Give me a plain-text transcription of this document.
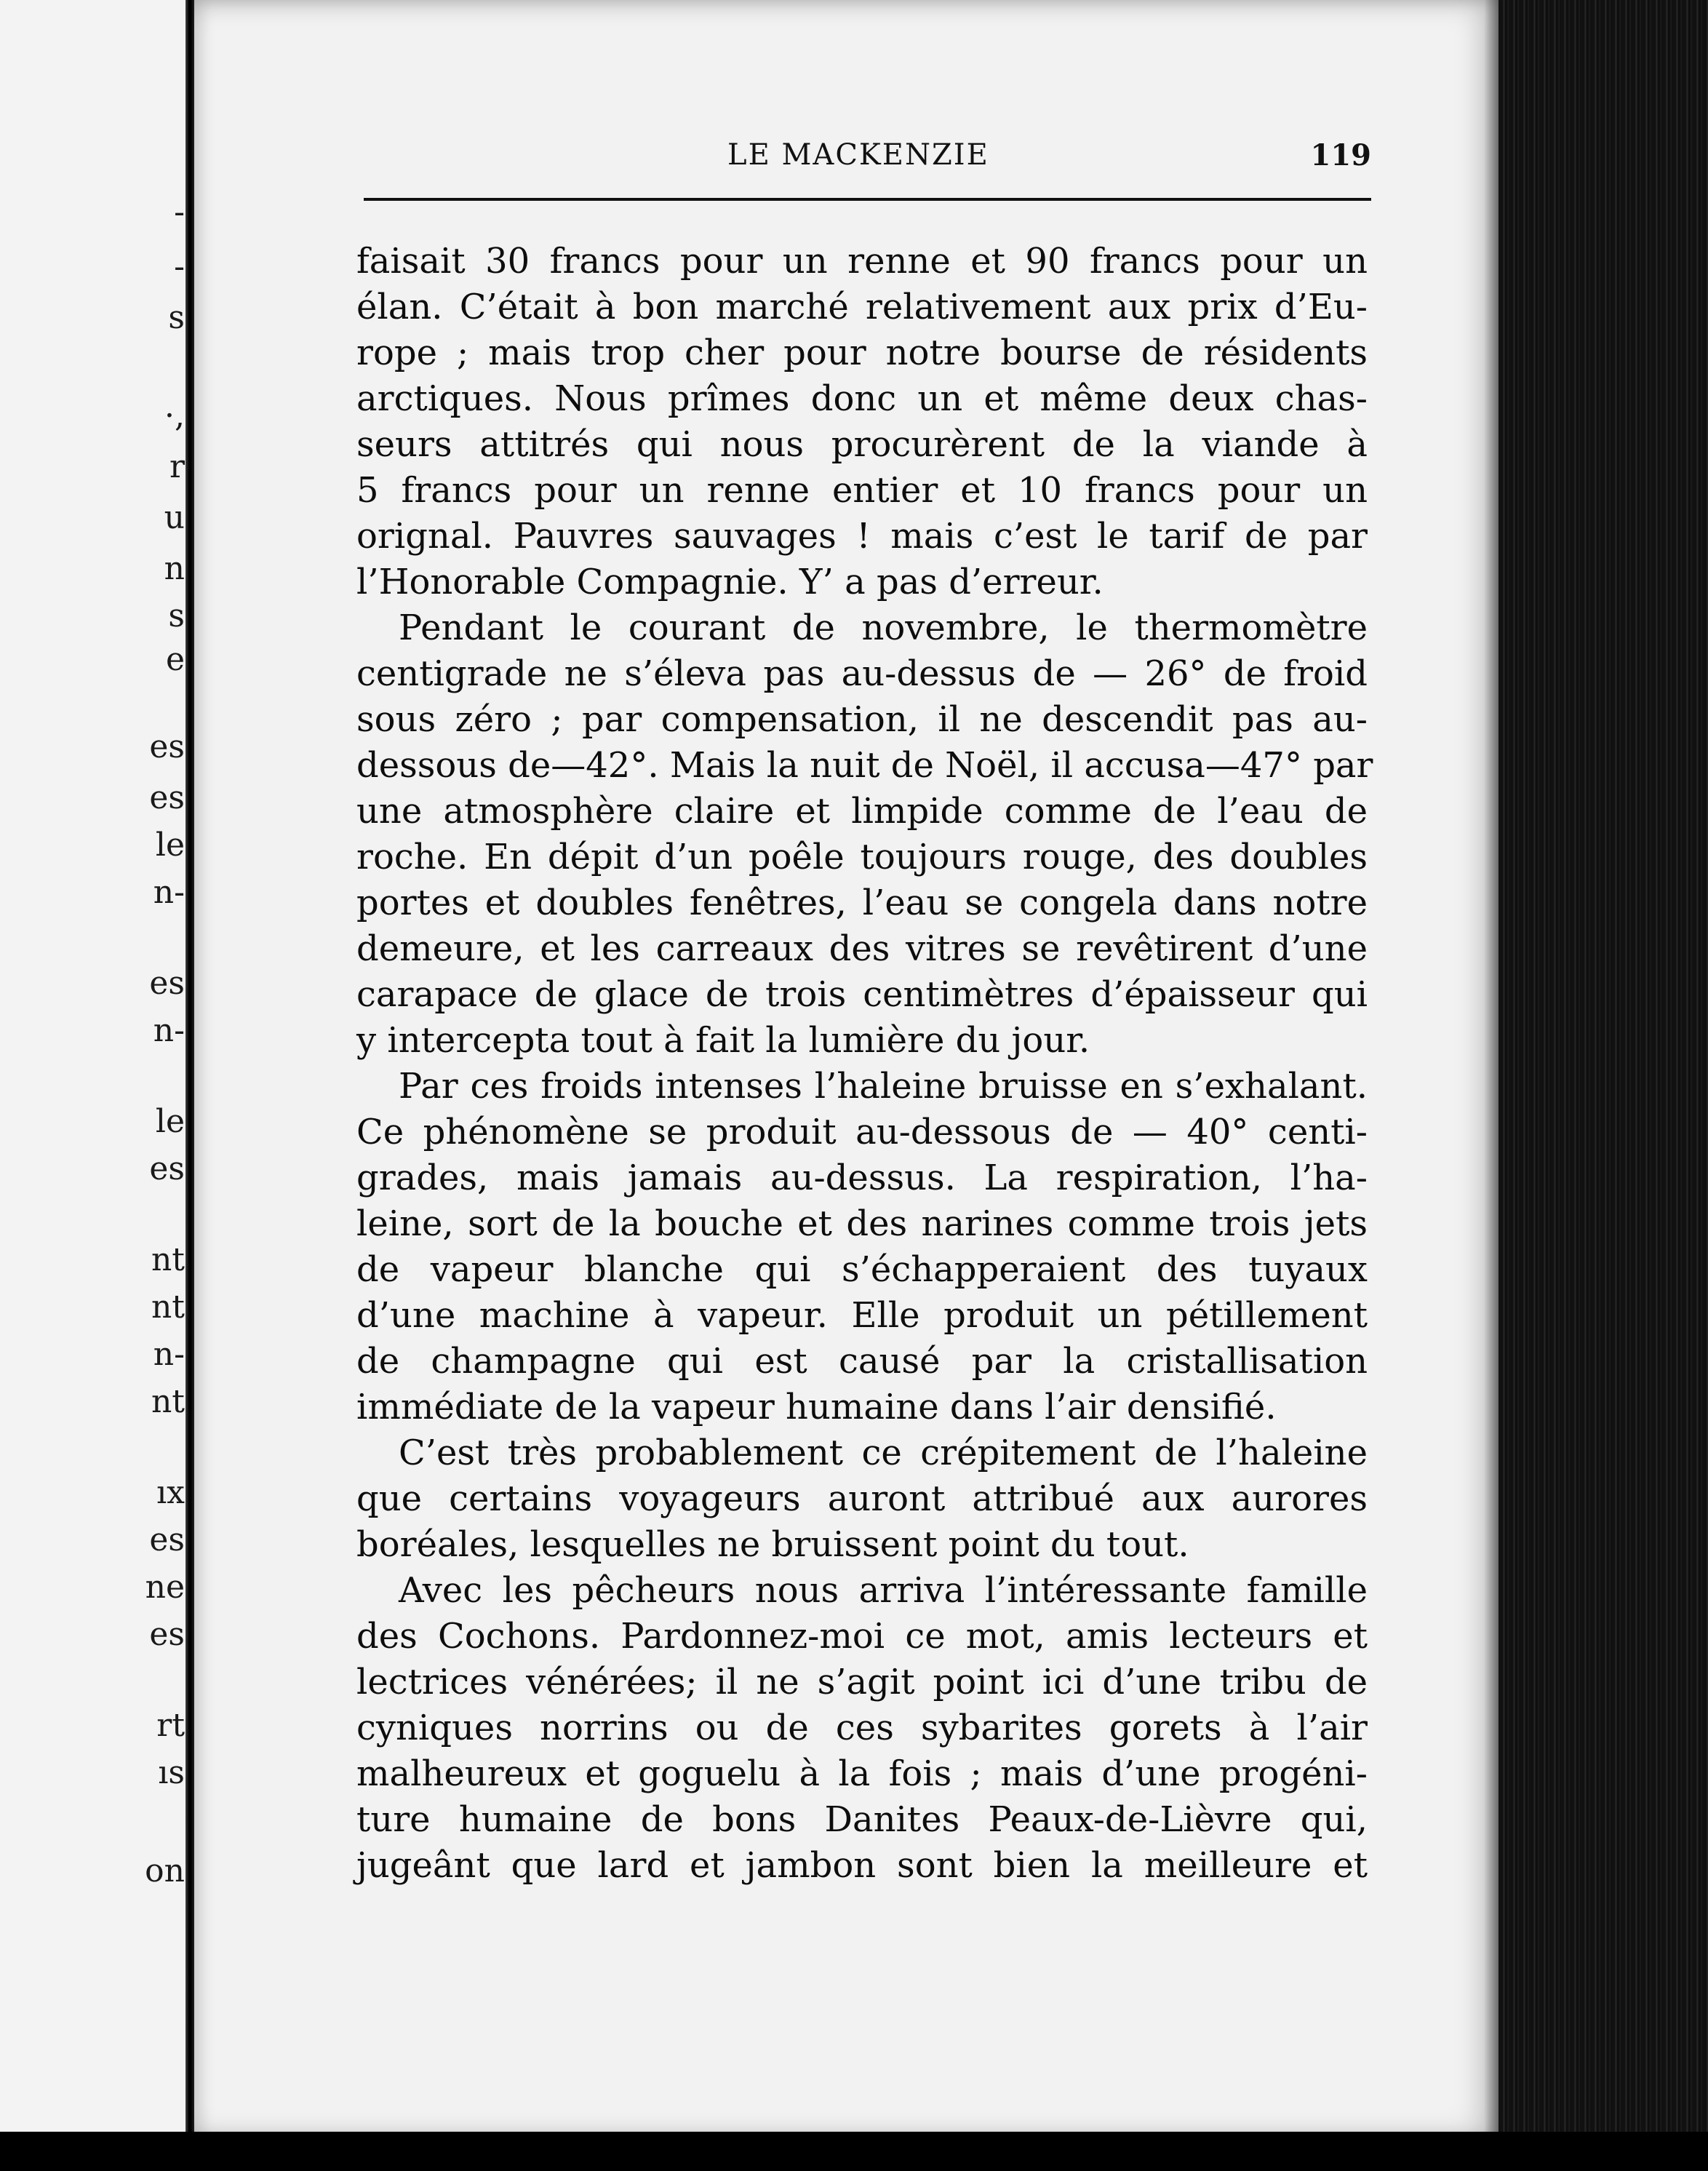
-
-
s
·,
r
u
n
s
e
es
es
le
n-
es
n-
le
es
nt
nt
n-
nt
ıx
es
ne
es
rt
ıs
on
LE MACKENZIE	119
faisait 30 francs pour un renne et 90 francs pour un
élan. C’était à bon marché relativement aux prix d’Eu-
rope ; mais trop cher pour notre bourse de résidents
arctiques. Nous prîmes donc un et même deux chas-
seurs attitrés qui nous procurèrent de la viande à
5 francs pour un renne entier et 10 francs pour un
orignal. Pauvres sauvages ! mais c’est le tarif de par
l’Honorable Compagnie. Y’ a pas d’erreur.
Pendant le courant de novembre, le thermomètre
centigrade ne s’éleva pas au-dessus de — 26° de froid
sous zéro ; par compensation, il ne descendit pas au-
dessous de—42°. Mais la nuit de Noël, il accusa—47° par
une atmosphère claire et limpide comme de l’eau de
roche. En dépit d’un poêle toujours rouge, des doubles
portes et doubles fenêtres, l’eau se congela dans notre
demeure, et les carreaux des vitres se revêtirent d’une
carapace de glace de trois centimètres d’épaisseur qui
y intercepta tout à fait la lumière du jour.
Par ces froids intenses l’haleine bruisse en s’exhalant.
Ce phénomène se produit au-dessous de — 40° centi-
grades, mais jamais au-dessus. La respiration, l’ha-
leine, sort de la bouche et des narines comme trois jets
de vapeur blanche qui s’échapperaient des tuyaux
d’une machine à vapeur. Elle produit un pétillement
de champagne qui est causé par la cristallisation
immédiate de la vapeur humaine dans l’air densifié.
C’est très probablement ce crépitement de l’haleine
que certains voyageurs auront attribué aux aurores
boréales, lesquelles ne bruissent point du tout.
Avec les pêcheurs nous arriva l’intéressante famille
des Cochons. Pardonnez-moi ce mot, amis lecteurs et
lectrices vénérées; il ne s’agit point ici d’une tribu de
cyniques norrins ou de ces sybarites gorets à l’air
malheureux et goguelu à la fois ; mais d’une progéni-
ture humaine de bons Danites Peaux-de-Lièvre qui,
jugeânt que lard et jambon sont bien la meilleure et
